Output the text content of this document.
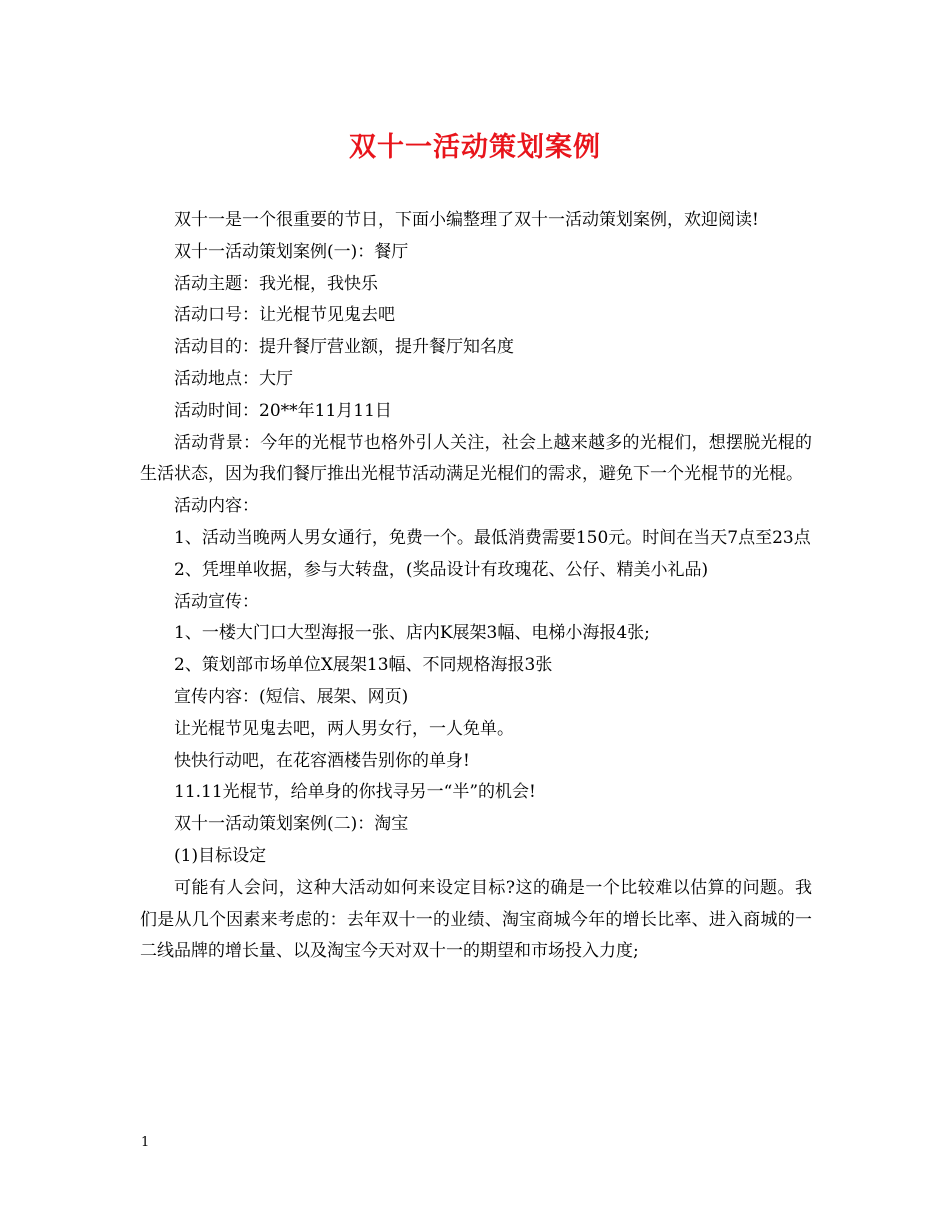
双十一活动策划案例

双十一是一个很重要的节日，下面小编整理了双十一活动策划案例，欢迎阅读!

双十一活动策划案例(一)：餐厅

活动主题：我光棍，我快乐

活动口号：让光棍节见鬼去吧

活动目的：提升餐厅营业额，提升餐厅知名度

活动地点：大厅

活动时间：20**年11月11日

活动背景：今年的光棍节也格外引人关注，社会上越来越多的光棍们，想摆脱光棍的生活状态，因为我们餐厅推出光棍节活动满足光棍们的需求，避免下一个光棍节的光棍。

活动内容：

1、活动当晚两人男女通行，免费一个。最低消费需要150元。时间在当天7点至23点

2、凭埋单收据，参与大转盘，(奖品设计有玫瑰花、公仔、精美小礼品)

活动宣传：

1、一楼大门口大型海报一张、店内K展架3幅、电梯小海报4张;

2、策划部市场单位X展架13幅、不同规格海报3张

宣传内容：(短信、展架、网页)

让光棍节见鬼去吧，两人男女行，一人免单。

快快行动吧，在花容酒楼告别你的单身!

11.11光棍节，给单身的你找寻另一“半”的机会!

双十一活动策划案例(二)：淘宝

(1)目标设定

可能有人会问，这种大活动如何来设定目标?这的确是一个比较难以估算的问题。我们是从几个因素来考虑的：去年双十一的业绩、淘宝商城今年的增长比率、进入商城的一二线品牌的增长量、以及淘宝今天对双十一的期望和市场投入力度;

1
